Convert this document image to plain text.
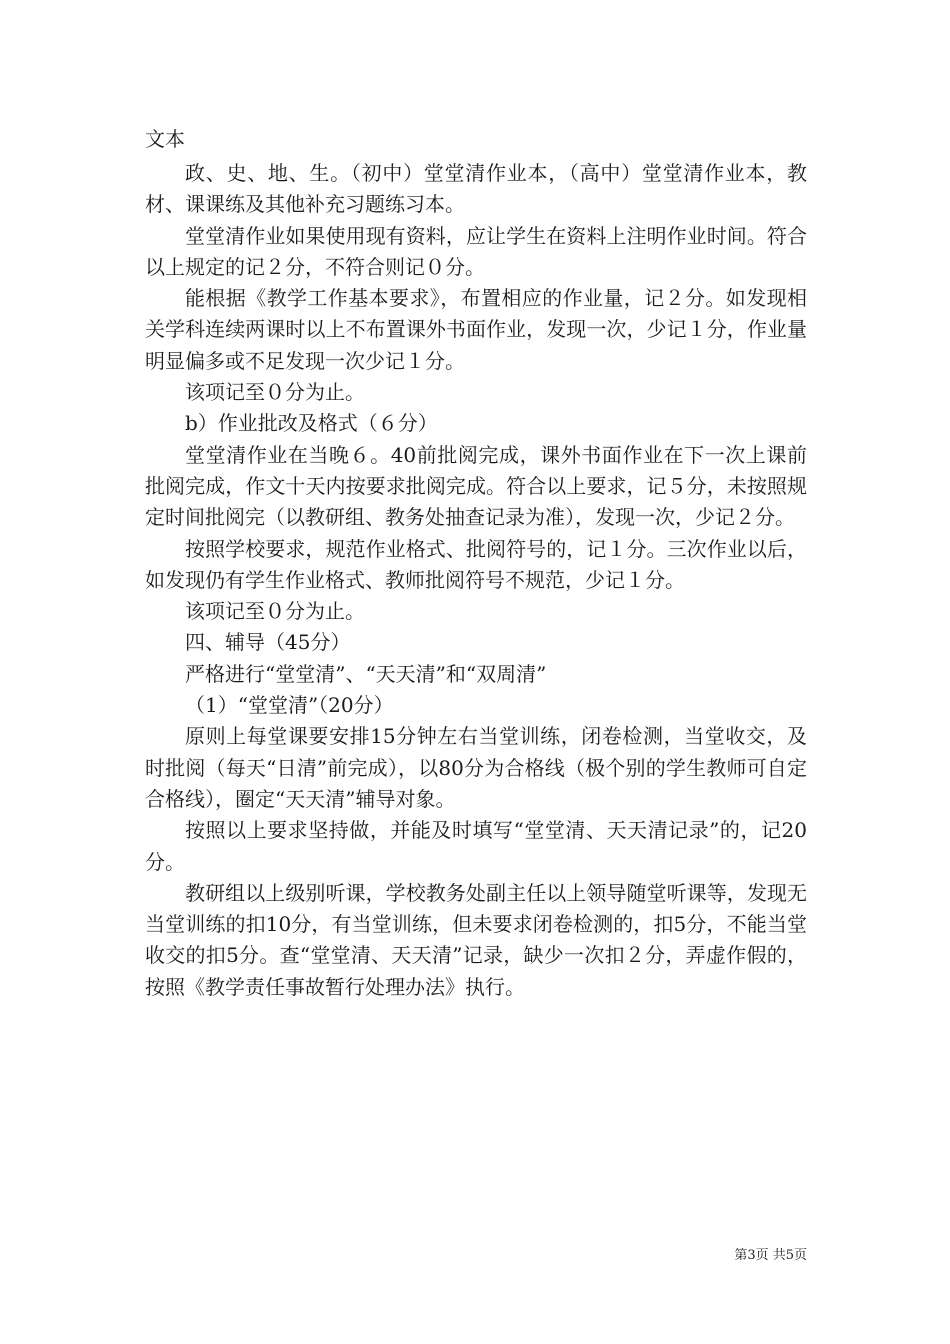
文本

政、史、地、生。（初中）堂堂清作业本，（高中）堂堂清作业本，教材、课课练及其他补充习题练习本。

堂堂清作业如果使用现有资料，应让学生在资料上注明作业时间。符合以上规定的记２分，不符合则记０分。

能根据《教学工作基本要求》，布置相应的作业量，记２分。如发现相关学科连续两课时以上不布置课外书面作业，发现一次，少记１分，作业量明显偏多或不足发现一次少记１分。

该项记至０分为止。

b）作业批改及格式（６分）

堂堂清作业在当晚６。40前批阅完成，课外书面作业在下一次上课前批阅完成，作文十天内按要求批阅完成。符合以上要求，记５分，未按照规定时间批阅完（以教研组、教务处抽查记录为准），发现一次，少记２分。

按照学校要求，规范作业格式、批阅符号的，记１分。三次作业以后，如发现仍有学生作业格式、教师批阅符号不规范，少记１分。

该项记至０分为止。

四、辅导（45分）

严格进行“堂堂清”、“天天清”和“双周清”

（1）“堂堂清”（20分）

原则上每堂课要安排15分钟左右当堂训练，闭卷检测，当堂收交，及时批阅（每天“日清”前完成），以80分为合格线（极个别的学生教师可自定合格线），圈定“天天清”辅导对象。

按照以上要求坚持做，并能及时填写“堂堂清、天天清记录”的，记20分。

教研组以上级别听课，学校教务处副主任以上领导随堂听课等，发现无当堂训练的扣10分，有当堂训练，但未要求闭卷检测的，扣5分，不能当堂收交的扣5分。查“堂堂清、天天清”记录，缺少一次扣２分，弄虚作假的，按照《教学责任事故暂行处理办法》执行。

第3页 共5页
